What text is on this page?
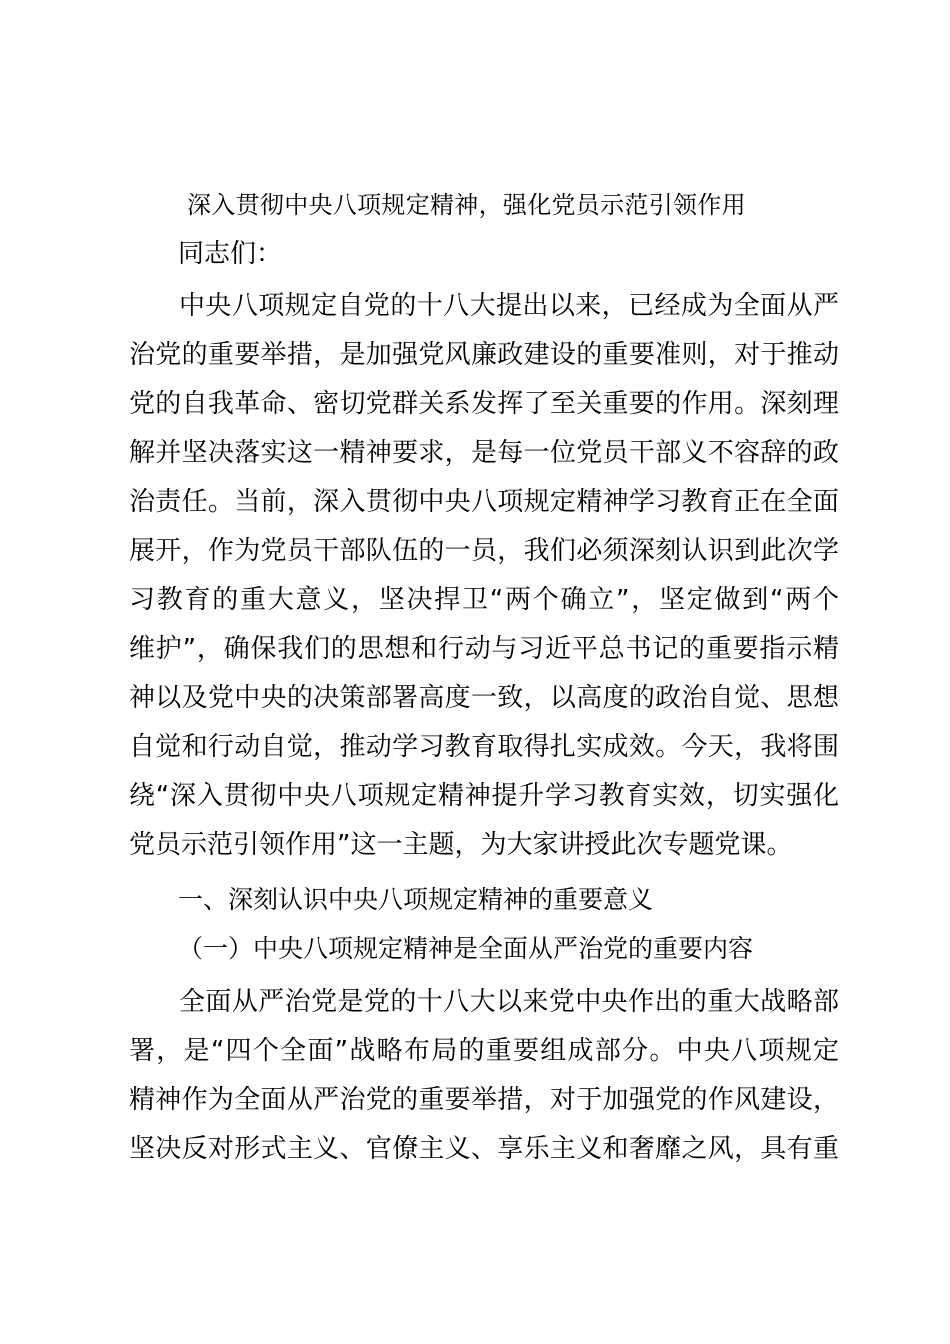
深入贯彻中央八项规定精神，强化党员示范引领作用
同志们：
中央八项规定自党的十八大提出以来，已经成为全面从严
治党的重要举措，是加强党风廉政建设的重要准则，对于推动
党的自我革命、密切党群关系发挥了至关重要的作用。深刻理
解并坚决落实这一精神要求，是每一位党员干部义不容辞的政
治责任。当前，深入贯彻中央八项规定精神学习教育正在全面
展开，作为党员干部队伍的一员，我们必须深刻认识到此次学
习教育的重大意义，坚决捍卫“两个确立”，坚定做到“两个
维护”，确保我们的思想和行动与习近平总书记的重要指示精
神以及党中央的决策部署高度一致，以高度的政治自觉、思想
自觉和行动自觉，推动学习教育取得扎实成效。今天，我将围
绕“深入贯彻中央八项规定精神提升学习教育实效，切实强化
党员示范引领作用”这一主题，为大家讲授此次专题党课。
一、深刻认识中央八项规定精神的重要意义
（一）中央八项规定精神是全面从严治党的重要内容
全面从严治党是党的十八大以来党中央作出的重大战略部
署，是“四个全面”战略布局的重要组成部分。中央八项规定
精神作为全面从严治党的重要举措，对于加强党的作风建设，
坚决反对形式主义、官僚主义、享乐主义和奢靡之风，具有重
